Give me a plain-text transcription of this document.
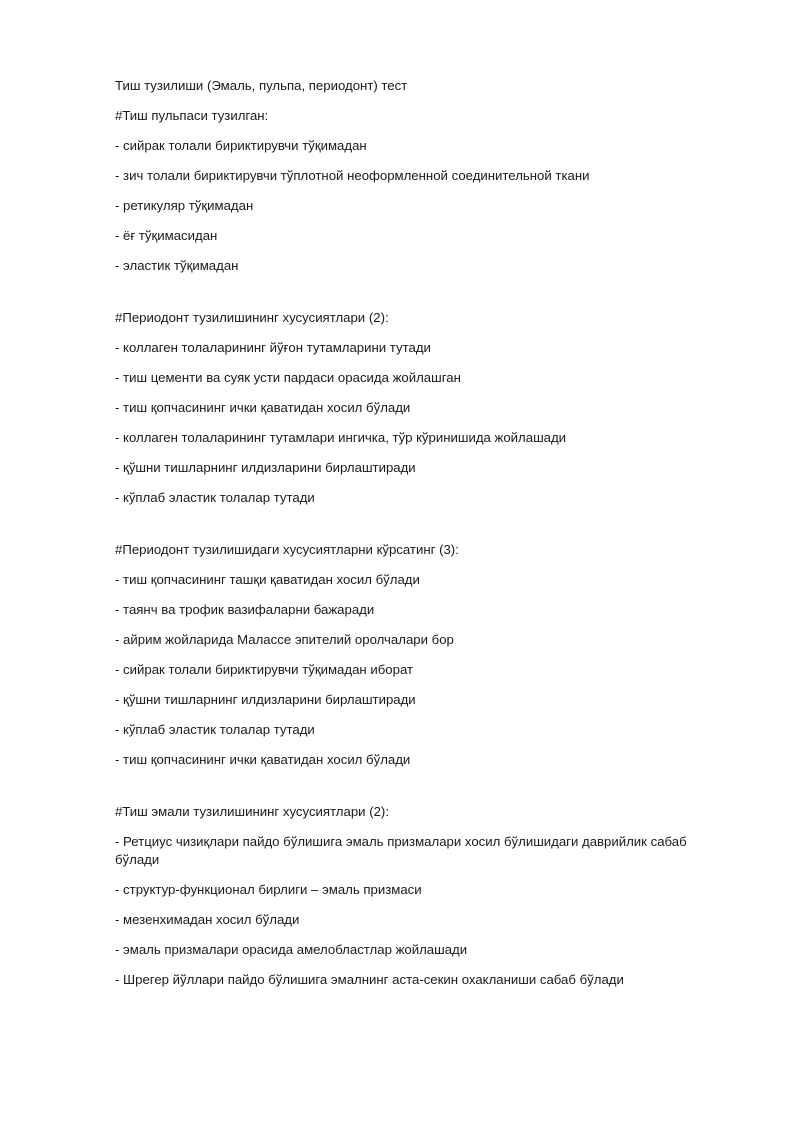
Тиш тузилиши (Эмаль, пульпа, периодонт) тест

#Тиш пульпаси тузилган:

- сийрак толали бириктирувчи тўқимадан

- зич толали бириктирувчи тўплотной неоформленной соединительной ткани

- ретикуляр тўқимадан

- ёғ тўқимасидан

- эластик тўқимадан

#Периодонт тузилишининг хусусиятлари (2):

- коллаген толаларининг йўғон тутамларини тутади

- тиш цементи ва суяк усти пардаси орасида жойлашган

- тиш қопчасининг ички қаватидан хосил бўлади

- коллаген толаларининг тутамлари ингичка, тўр кўринишида жойлашади

- қўшни тишларнинг илдизларини бирлаштиради

- кўплаб эластик толалар тутади

#Периодонт тузилишидаги хусусиятларни кўрсатинг (3):

- тиш қопчасининг ташқи қаватидан хосил бўлади

- таянч ва трофик вазифаларни бажаради

- айрим жойларида Малассе эпителий оролчалари бор

- сийрак толали бириктирувчи тўқимадан иборат

- қўшни тишларнинг илдизларини бирлаштиради

- кўплаб эластик толалар тутади

- тиш қопчасининг ички қаватидан хосил бўлади

#Тиш эмали тузилишининг хусусиятлари (2):

- Ретциус чизиқлари пайдо бўлишига эмаль призмалари хосил бўлишидаги даврийлик сабаб бўлади

- структур-функционал бирлиги – эмаль призмаси

- мезенхимадан хосил бўлади

- эмаль призмалари орасида амелобластлар жойлашади

- Шрегер йўллари пайдо бўлишига эмалнинг аста-секин охакланиши сабаб бўлади
